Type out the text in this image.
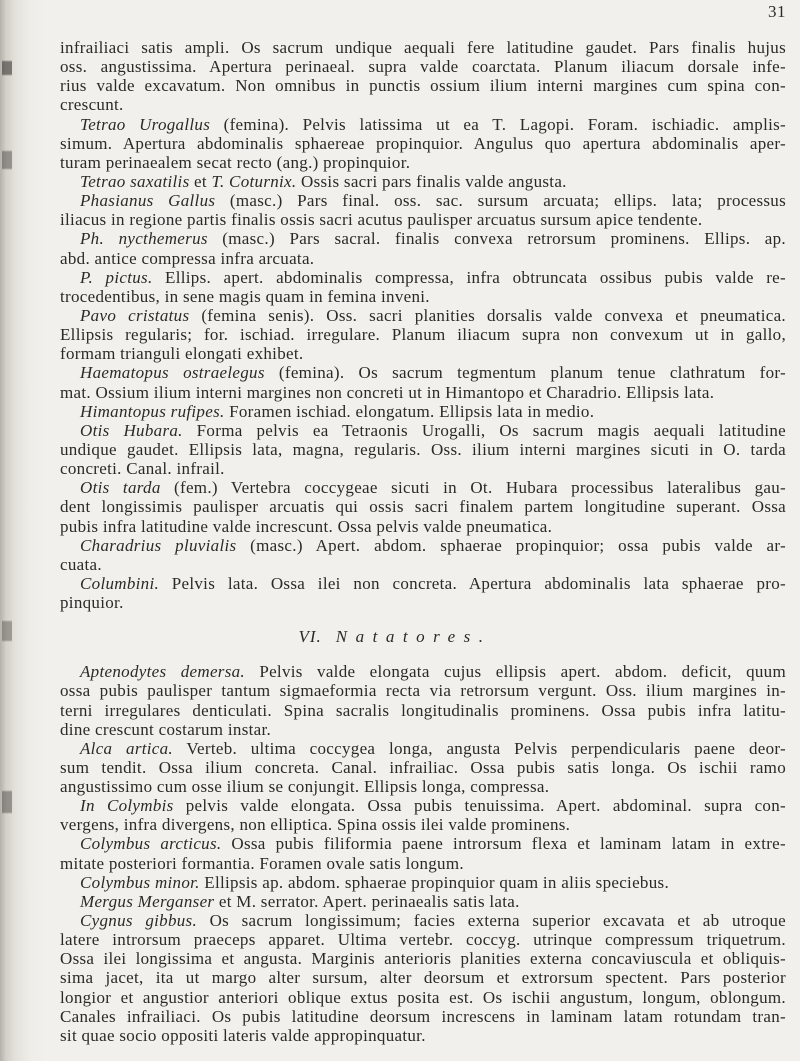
31
infrailiaci satis ampli. Os sacrum undique aequali fere latitudine gaudet. Pars finalis hujus
oss. angustissima. Apertura perinaeal. supra valde coarctata. Planum iliacum dorsale infe-
rius valde excavatum. Non omnibus in punctis ossium ilium interni margines cum spina con-
crescunt.
Tetrao Urogallus (femina). Pelvis latissima ut ea T. Lagopi. Foram. ischiadic. amplis-
simum. Apertura abdominalis sphaereae propinquior. Angulus quo apertura abdominalis aper-
turam perinaealem secat recto (ang.) propinquior.
Tetrao saxatilis et T. Coturnix. Ossis sacri pars finalis valde angusta.
Phasianus Gallus (masc.) Pars final. oss. sac. sursum arcuata; ellips. lata; processus
iliacus in regione partis finalis ossis sacri acutus paulisper arcuatus sursum apice tendente.
Ph. nycthemerus (masc.) Pars sacral. finalis convexa retrorsum prominens. Ellips. ap.
abd. antice compressa infra arcuata.
P. pictus. Ellips. apert. abdominalis compressa, infra obtruncata ossibus pubis valde re-
trocedentibus, in sene magis quam in femina inveni.
Pavo cristatus (femina senis). Oss. sacri planities dorsalis valde convexa et pneumatica.
Ellipsis regularis; for. ischiad. irregulare. Planum iliacum supra non convexum ut in gallo,
formam trianguli elongati exhibet.
Haematopus ostraelegus (femina). Os sacrum tegmentum planum tenue clathratum for-
mat. Ossium ilium interni margines non concreti ut in Himantopo et Charadrio. Ellipsis lata.
Himantopus rufipes. Foramen ischiad. elongatum. Ellipsis lata in medio.
Otis Hubara. Forma pelvis ea Tetraonis Urogalli, Os sacrum magis aequali latitudine
undique gaudet. Ellipsis lata, magna, regularis. Oss. ilium interni margines sicuti in O. tarda
concreti. Canal. infrail.
Otis tarda (fem.) Vertebra coccygeae sicuti in Ot. Hubara processibus lateralibus gau-
dent longissimis paulisper arcuatis qui ossis sacri finalem partem longitudine superant. Ossa
pubis infra latitudine valde increscunt. Ossa pelvis valde pneumatica.
Charadrius pluvialis (masc.) Apert. abdom. sphaerae propinquior; ossa pubis valde ar-
cuata.
Columbini. Pelvis lata. Ossa ilei non concreta. Apertura abdominalis lata sphaerae pro-
pinquior.
VI. Natatores.
Aptenodytes demersa. Pelvis valde elongata cujus ellipsis apert. abdom. deficit, quum
ossa pubis paulisper tantum sigmaeformia recta via retrorsum vergunt. Oss. ilium margines in-
terni irregulares denticulati. Spina sacralis longitudinalis prominens. Ossa pubis infra latitu-
dine crescunt costarum instar.
Alca artica. Verteb. ultima coccygea longa, angusta Pelvis perpendicularis paene deor-
sum tendit. Ossa ilium concreta. Canal. infrailiac. Ossa pubis satis longa. Os ischii ramo
angustissimo cum osse ilium se conjungit. Ellipsis longa, compressa.
In Colymbis pelvis valde elongata. Ossa pubis tenuissima. Apert. abdominal. supra con-
vergens, infra divergens, non elliptica. Spina ossis ilei valde prominens.
Colymbus arcticus. Ossa pubis filiformia paene introrsum flexa et laminam latam in extre-
mitate posteriori formantia. Foramen ovale satis longum.
Colymbus minor. Ellipsis ap. abdom. sphaerae propinquior quam in aliis speciebus.
Mergus Merganser et M. serrator. Apert. perinaealis satis lata.
Cygnus gibbus. Os sacrum longissimum; facies externa superior excavata et ab utroque
latere introrsum praeceps apparet. Ultima vertebr. coccyg. utrinque compressum triquetrum.
Ossa ilei longissima et angusta. Marginis anterioris planities externa concaviuscula et obliquis-
sima jacet, ita ut margo alter sursum, alter deorsum et extrorsum spectent. Pars posterior
longior et angustior anteriori oblique extus posita est. Os ischii angustum, longum, oblongum.
Canales infrailiaci. Os pubis latitudine deorsum increscens in laminam latam rotundam tran-
sit quae socio oppositi lateris valde appropinquatur.
